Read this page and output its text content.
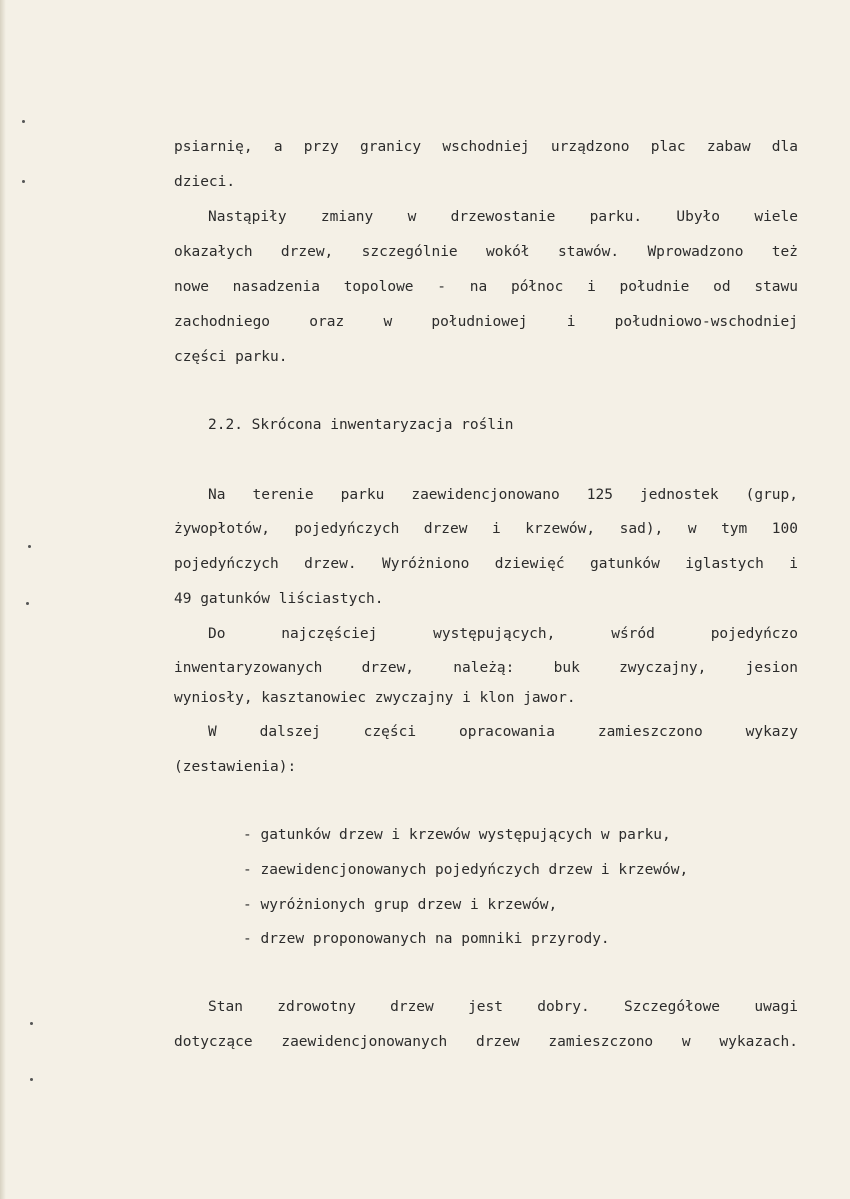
psiarnię, a przy granicy wschodniej urządzono plac zabaw dla
dzieci.
Nastąpiły zmiany w drzewostanie parku. Ubyło wiele
okazałych drzew, szczególnie wokół stawów. Wprowadzono też
nowe nasadzenia topolowe - na północ i południe od stawu
zachodniego oraz w południowej i południowo-wschodniej
części parku.
2.2. Skrócona inwentaryzacja roślin
Na terenie parku zaewidencjonowano 125 jednostek (grup,
żywopłotów, pojedyńczych drzew i krzewów, sad), w tym 100
pojedyńczych drzew. Wyróżniono dziewięć gatunków iglastych i
49 gatunków liściastych.
Do najczęściej występujących, wśród pojedyńczo
inwentaryzowanych drzew, należą: buk zwyczajny, jesion
wyniosły, kasztanowiec zwyczajny i klon jawor.
W dalszej części opracowania zamieszczono wykazy
(zestawienia):
- gatunków drzew i krzewów występujących w parku,
- zaewidencjonowanych pojedyńczych drzew i krzewów,
- wyróżnionych grup drzew i krzewów,
- drzew proponowanych na pomniki przyrody.
Stan zdrowotny drzew jest dobry. Szczegółowe uwagi
dotyczące zaewidencjonowanych drzew zamieszczono w wykazach.
